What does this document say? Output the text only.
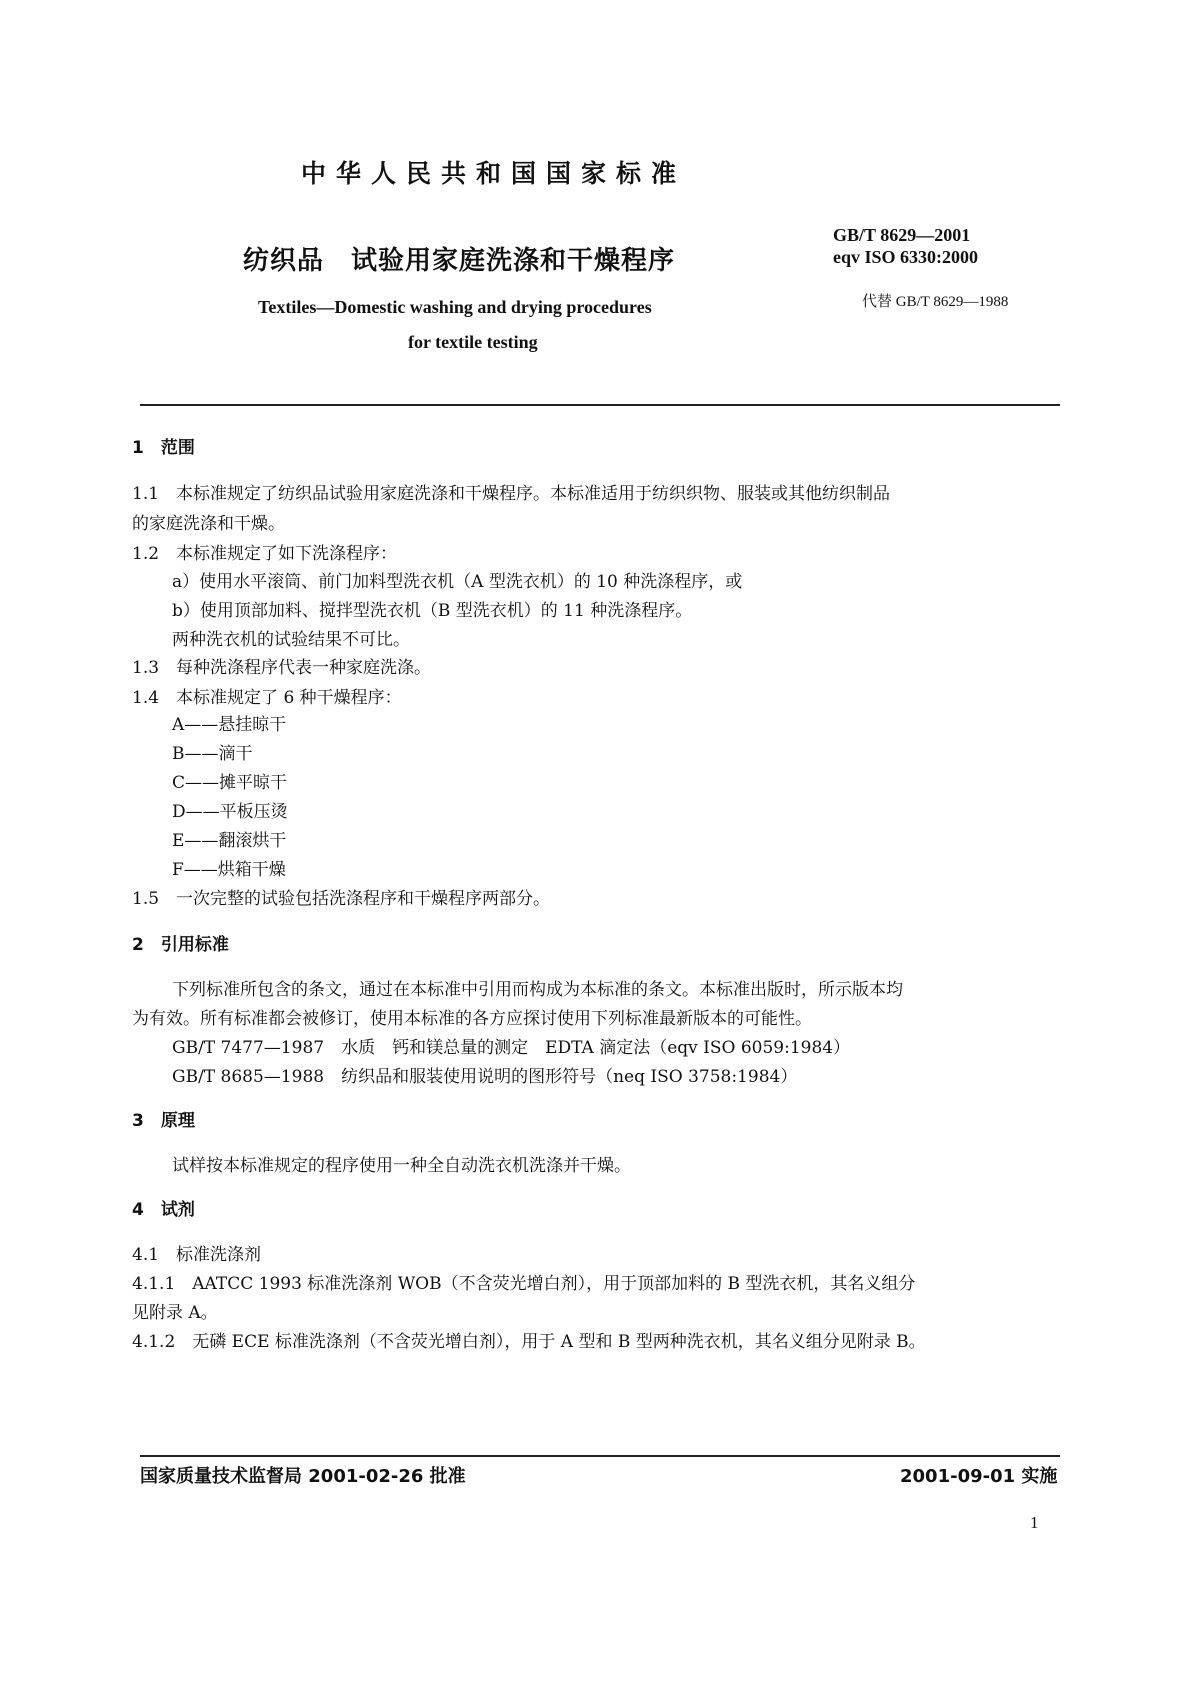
中华人民共和国国家标准
纺织品　试验用家庭洗涤和干燥程序
Textiles—Domestic washing and drying procedures
for textile testing
GB/T 8629—2001
eqv ISO 6330:2000
代替 GB/T 8629—1988
1　范围
1.1　本标准规定了纺织品试验用家庭洗涤和干燥程序。本标准适用于纺织织物、服装或其他纺织制品
的家庭洗涤和干燥。
1.2　本标准规定了如下洗涤程序：
a）使用水平滚筒、前门加料型洗衣机（A 型洗衣机）的 10 种洗涤程序，或
b）使用顶部加料、搅拌型洗衣机（B 型洗衣机）的 11 种洗涤程序。
两种洗衣机的试验结果不可比。
1.3　每种洗涤程序代表一种家庭洗涤。
1.4　本标准规定了 6 种干燥程序：
A——悬挂晾干
B——滴干
C——摊平晾干
D——平板压烫
E——翻滚烘干
F——烘箱干燥
1.5　一次完整的试验包括洗涤程序和干燥程序两部分。
2　引用标准
下列标准所包含的条文，通过在本标准中引用而构成为本标准的条文。本标准出版时，所示版本均
为有效。所有标准都会被修订，使用本标准的各方应探讨使用下列标准最新版本的可能性。
GB/T 7477—1987　水质　钙和镁总量的测定　EDTA 滴定法（eqv ISO 6059:1984）
GB/T 8685—1988　纺织品和服装使用说明的图形符号（neq ISO 3758:1984）
3　原理
试样按本标准规定的程序使用一种全自动洗衣机洗涤并干燥。
4　试剂
4.1　标准洗涤剂
4.1.1　AATCC 1993 标准洗涤剂 WOB（不含荧光增白剂），用于顶部加料的 B 型洗衣机，其名义组分
见附录 A。
4.1.2　无磷 ECE 标准洗涤剂（不含荧光增白剂），用于 A 型和 B 型两种洗衣机，其名义组分见附录 B。
国家质量技术监督局 2001-02-26 批准	2001-09-01 实施
1
